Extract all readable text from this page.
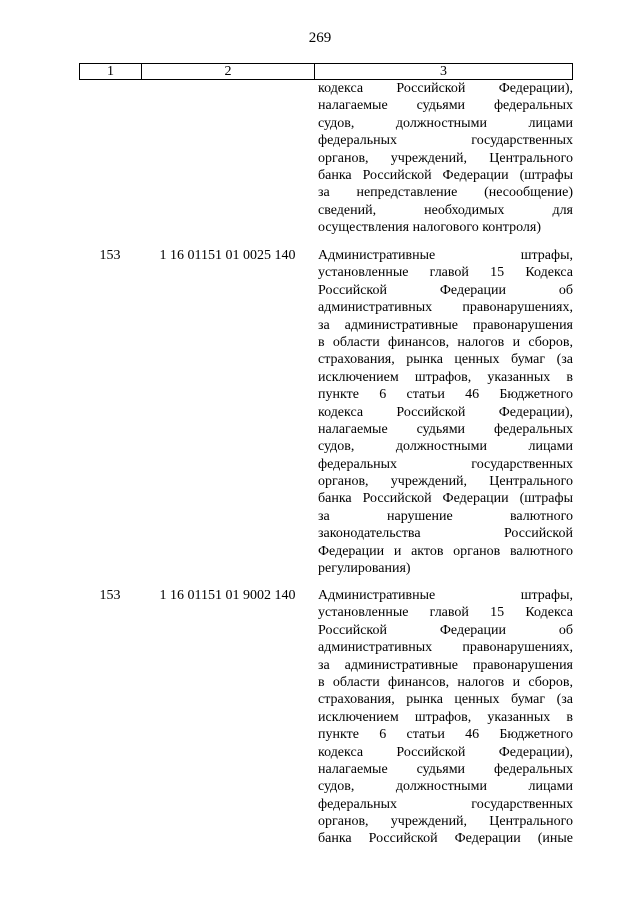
269
1	2	3
кодекса Российской Федерации),
налагаемые судьями федеральных
судов, должностными лицами
федеральных государственных
органов, учреждений, Центрального
банка Российской Федерации (штрафы
за непредставление (несообщение)
сведений, необходимых для
осуществления налогового контроля)
153	1 16 01151 01 0025 140	Административные штрафы,
установленные главой 15 Кодекса
Российской Федерации об
административных правонарушениях,
за административные правонарушения
в области финансов, налогов и сборов,
страхования, рынка ценных бумаг (за
исключением штрафов, указанных в
пункте 6 статьи 46 Бюджетного
кодекса Российской Федерации),
налагаемые судьями федеральных
судов, должностными лицами
федеральных государственных
органов, учреждений, Центрального
банка Российской Федерации (штрафы
за нарушение валютного
законодательства Российской
Федерации и актов органов валютного
регулирования)
153	1 16 01151 01 9002 140	Административные штрафы,
установленные главой 15 Кодекса
Российской Федерации об
административных правонарушениях,
за административные правонарушения
в области финансов, налогов и сборов,
страхования, рынка ценных бумаг (за
исключением штрафов, указанных в
пункте 6 статьи 46 Бюджетного
кодекса Российской Федерации),
налагаемые судьями федеральных
судов, должностными лицами
федеральных государственных
органов, учреждений, Центрального
банка Российской Федерации (иные
